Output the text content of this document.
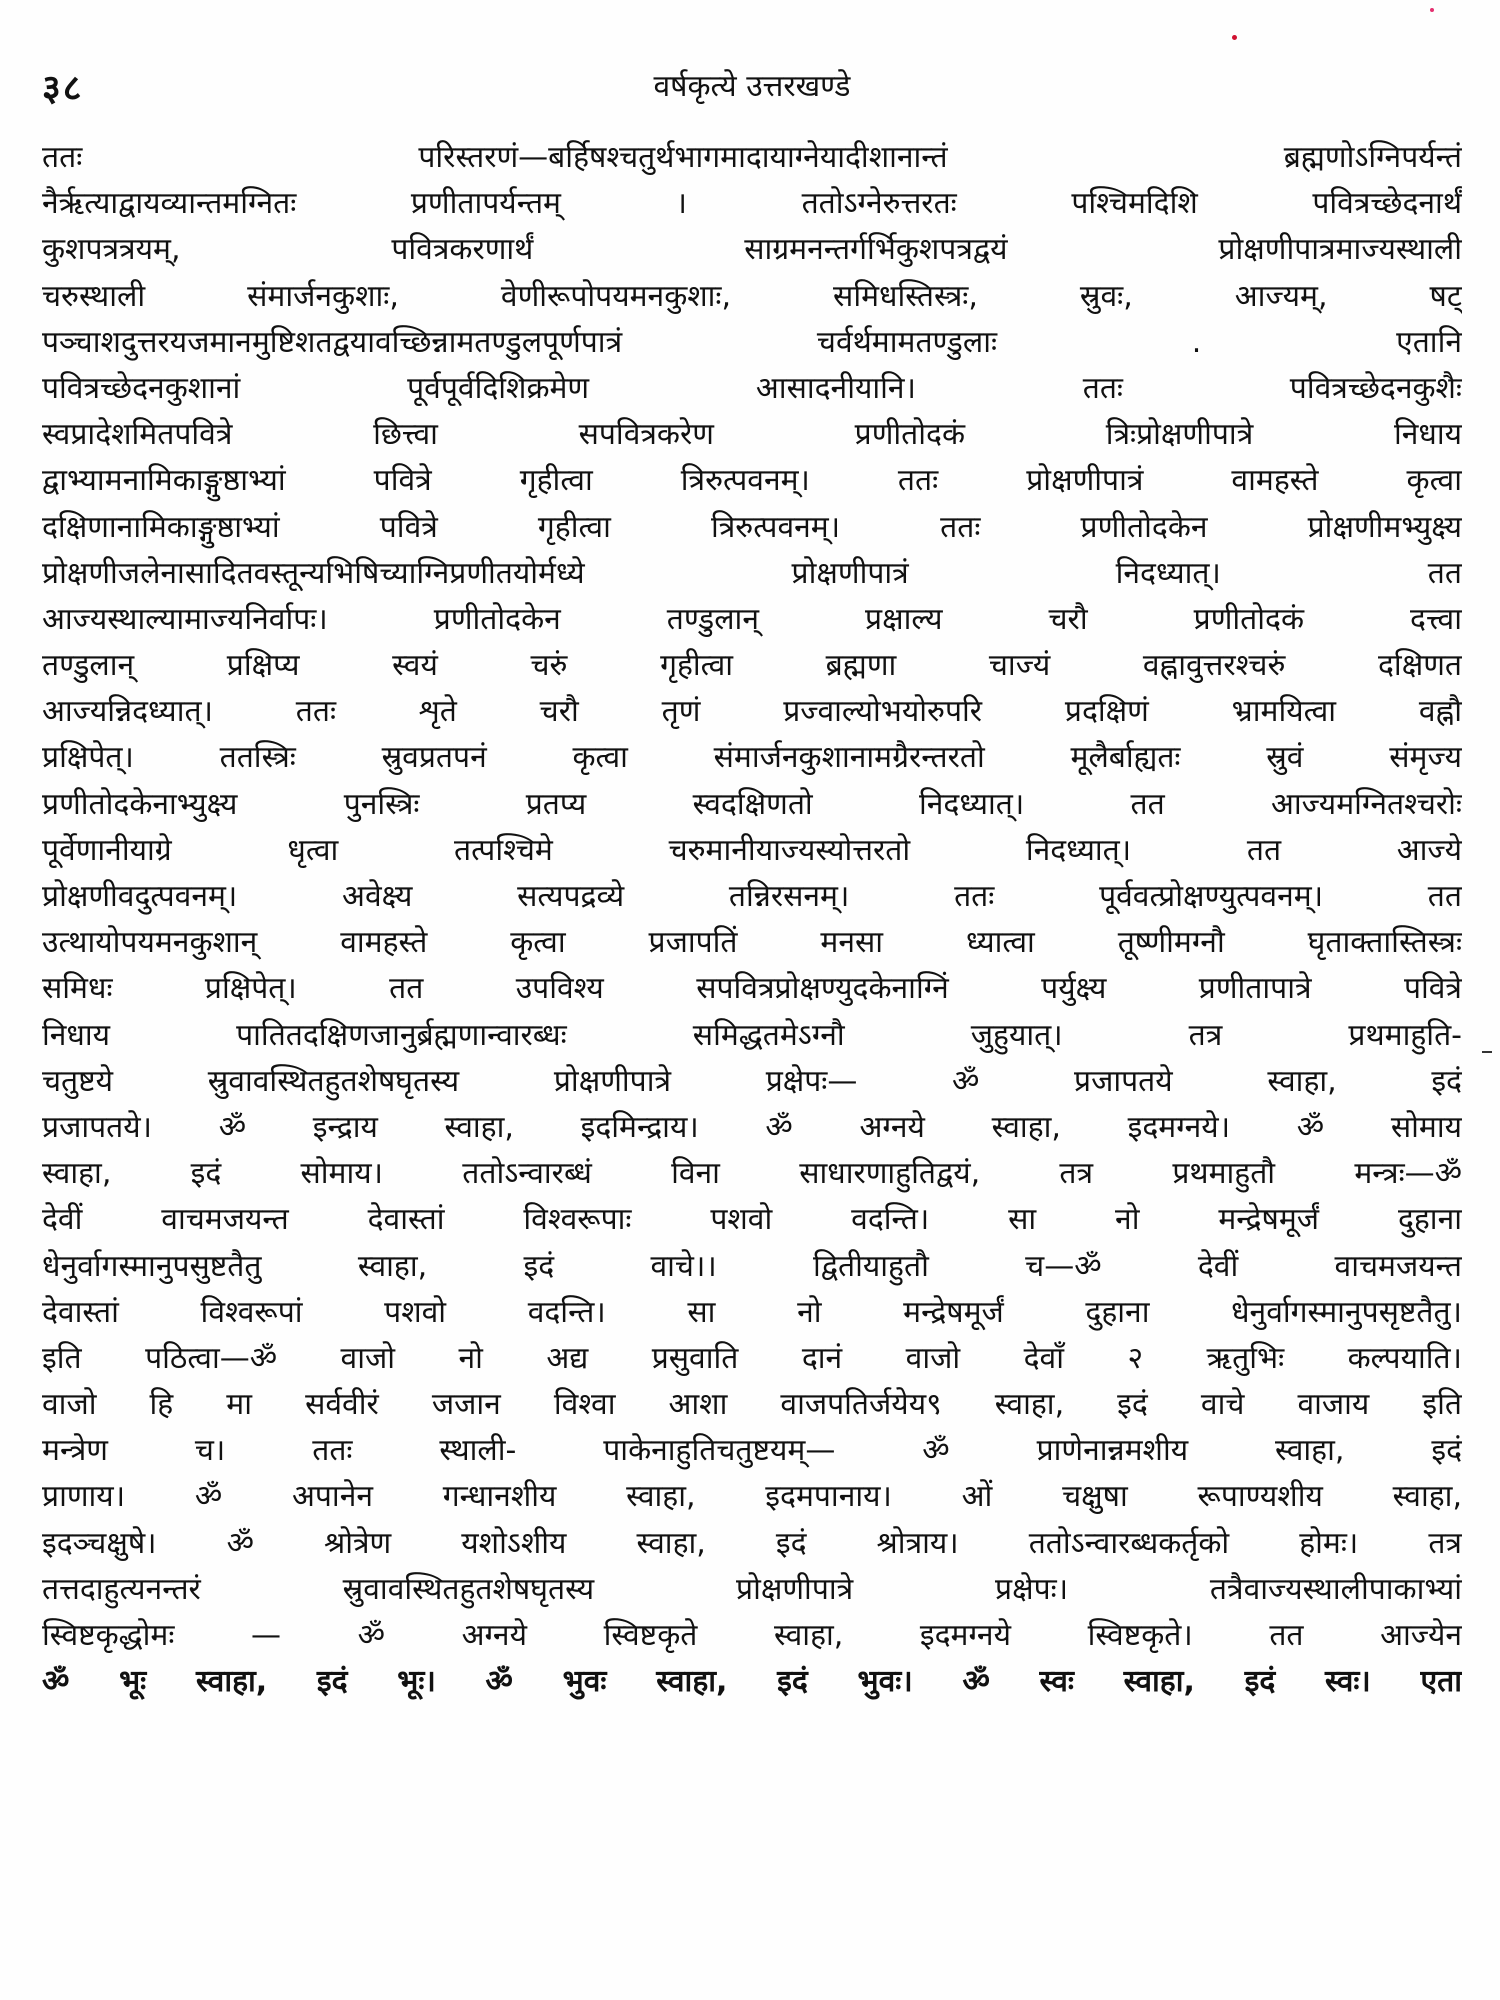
३८	वर्षकृत्ये उत्तरखण्डे
ततः परिस्तरणं—बर्हिषश्चतुर्थभागमादायाग्नेयादीशानान्तं ब्रह्मणोऽग्निपर्यन्तं
नैर्ऋत्याद्वायव्यान्तमग्नितः प्रणीतापर्यन्तम् । ततोऽग्नेरुत्तरतः पश्चिमदिशि पवित्रच्छेदनार्थं
कुशपत्रत्रयम्, पवित्रकरणार्थं साग्रमनन्तर्गर्भिकुशपत्रद्वयं प्रोक्षणीपात्रमाज्यस्थाली
चरुस्थाली संमार्जनकुशाः, वेणीरूपोपयमनकुशाः, समिधस्तिस्त्रः, स्रुवः, आज्यम्, षट्
पञ्चाशदुत्तरयजमानमुष्टिशतद्वयावच्छिन्नामतण्डुलपूर्णपात्रं चर्वर्थमामतण्डुलाः . एतानि
पवित्रच्छेदनकुशानां पूर्वपूर्वदिशिक्रमेण आसादनीयानि। ततः पवित्रच्छेदनकुशैः
स्वप्रादेशमितपवित्रे छित्त्वा सपवित्रकरेण प्रणीतोदकं त्रिःप्रोक्षणीपात्रे निधाय
द्वाभ्यामनामिकाङ्गुष्ठाभ्यां पवित्रे गृहीत्वा त्रिरुत्पवनम्। ततः प्रोक्षणीपात्रं वामहस्ते कृत्वा
दक्षिणानामिकाङ्गुष्ठाभ्यां पवित्रे गृहीत्वा त्रिरुत्पवनम्। ततः प्रणीतोदकेन प्रोक्षणीमभ्युक्ष्य
प्रोक्षणीजलेनासादितवस्तून्यभिषिच्याग्निप्रणीतयोर्मध्ये प्रोक्षणीपात्रं निदध्यात्। तत
आज्यस्थाल्यामाज्यनिर्वापः। प्रणीतोदकेन तण्डुलान् प्रक्षाल्य चरौ प्रणीतोदकं दत्त्वा
तण्डुलान् प्रक्षिप्य स्वयं चरुं गृहीत्वा ब्रह्मणा चाज्यं वह्नावुत्तरश्चरुं दक्षिणत
आज्यन्निदध्यात्। ततः शृते चरौ तृणं प्रज्वाल्योभयोरुपरि प्रदक्षिणं भ्रामयित्वा वह्नौ
प्रक्षिपेत्। ततस्त्रिः स्रुवप्रतपनं कृत्वा संमार्जनकुशानामग्रैरन्तरतो मूलैर्बाह्यतः स्रुवं संमृज्य
प्रणीतोदकेनाभ्युक्ष्य पुनस्त्रिः प्रतप्य स्वदक्षिणतो निदध्यात्। तत आज्यमग्नितश्चरोः
पूर्वेणानीयाग्रे धृत्वा तत्पश्चिमे चरुमानीयाज्यस्योत्तरतो निदध्यात्। तत आज्ये
प्रोक्षणीवदुत्पवनम्। अवेक्ष्य सत्यपद्रव्ये तन्निरसनम्। ततः पूर्ववत्प्रोक्षण्युत्पवनम्। तत
उत्थायोपयमनकुशान् वामहस्ते कृत्वा प्रजापतिं मनसा ध्यात्वा तूष्णीमग्नौ घृताक्तास्तिस्त्रः
समिधः प्रक्षिपेत्। तत उपविश्य सपवित्रप्रोक्षण्युदकेनाग्निं पर्युक्ष्य प्रणीतापात्रे पवित्रे
निधाय पातितदक्षिणजानुर्ब्रह्मणान्वारब्धः समिद्धतमेऽग्नौ जुहुयात्। तत्र प्रथमाहुति-
चतुष्टये स्रुवावस्थितहुतशेषघृतस्य प्रोक्षणीपात्रे प्रक्षेपः— ॐ प्रजापतये स्वाहा, इदं
प्रजापतये। ॐ इन्द्राय स्वाहा, इदमिन्द्राय। ॐ अग्नये स्वाहा, इदमग्नये। ॐ सोमाय
स्वाहा, इदं सोमाय। ततोऽन्वारब्धं विना साधारणाहुतिद्वयं, तत्र प्रथमाहुतौ मन्त्रः—ॐ
देवीं वाचमजयन्त देवास्तां विश्वरूपाः पशवो वदन्ति। सा नो मन्द्रेषमूर्जं दुहाना
धेनुर्वागस्मानुपसुष्टतैतु स्वाहा, इदं वाचे।। द्वितीयाहुतौ च—ॐ देवीं वाचमजयन्त
देवास्तां विश्वरूपां पशवो वदन्ति। सा नो मन्द्रेषमूर्जं दुहाना धेनुर्वागस्मानुपसृष्टतैतु।
इति पठित्वा—ॐ वाजो नो अद्य प्रसुवाति दानं वाजो देवाँ २ ऋतुभिः कल्पयाति।
वाजो हि मा सर्ववीरं जजान विश्वा आशा वाजपतिर्जयेय९ स्वाहा, इदं वाचे वाजाय इति
मन्त्रेण च। ततः स्थाली- पाकेनाहुतिचतुष्टयम्— ॐ प्राणेनान्नमशीय स्वाहा, इदं
प्राणाय। ॐ अपानेन गन्धानशीय स्वाहा, इदमपानाय। ओं चक्षुषा रूपाण्यशीय स्वाहा,
इदञ्चक्षुषे। ॐ श्रोत्रेण यशोऽशीय स्वाहा, इदं श्रोत्राय। ततोऽन्वारब्धकर्तृको होमः। तत्र
तत्तदाहुत्यनन्तरं स्रुवावस्थितहुतशेषघृतस्य प्रोक्षणीपात्रे प्रक्षेपः। तत्रैवाज्यस्थालीपाकाभ्यां
स्विष्टकृद्धोमः — ॐ अग्नये स्विष्टकृते स्वाहा, इदमग्नये स्विष्टकृते। तत आज्येन
ॐ भूः स्वाहा, इदं भूः। ॐ भुवः स्वाहा, इदं भुवः। ॐ स्वः स्वाहा, इदं स्वः। एता
